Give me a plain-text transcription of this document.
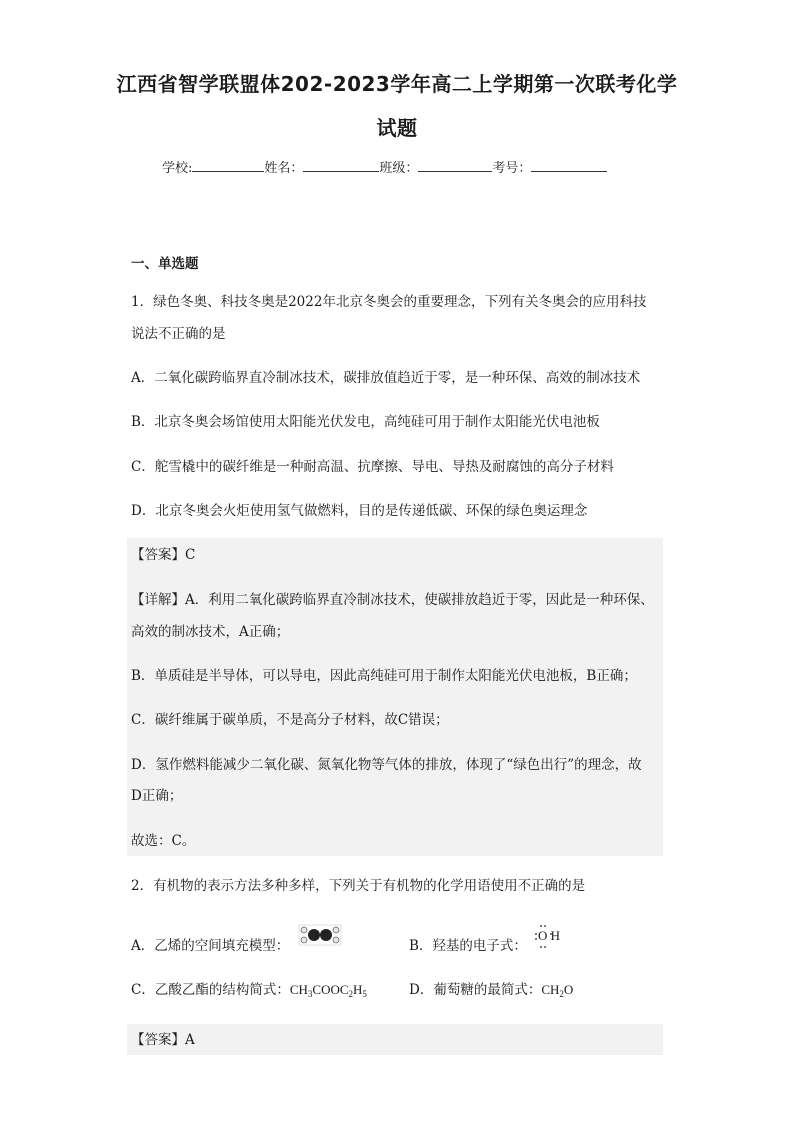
江西省智学联盟体202-2023学年高二上学期第一次联考化学
试题
学校:	姓名：	班级：	考号：
一、单选题
1．绿色冬奥、科技冬奥是2022年北京冬奥会的重要理念，下列有关冬奥会的应用科技
说法不正确的是
A．二氧化碳跨临界直冷制冰技术，碳排放值趋近于零，是一种环保、高效的制冰技术
B．北京冬奥会场馆使用太阳能光伏发电，高纯硅可用于制作太阳能光伏电池板
C．舵雪橇中的碳纤维是一种耐高温、抗摩擦、导电、导热及耐腐蚀的高分子材料
D．北京冬奥会火炬使用氢气做燃料，目的是传递低碳、环保的绿色奥运理念
【答案】C
【详解】A．利用二氧化碳跨临界直冷制冰技术，使碳排放趋近于零，因此是一种环保、
高效的制冰技术，A正确；
B．单质硅是半导体，可以导电，因此高纯硅可用于制作太阳能光伏电池板，B正确；
C．碳纤维属于碳单质，不是高分子材料，故C错误；
D．氢作燃料能减少二氧化碳、氮氧化物等气体的排放，体现了“绿色出行”的理念，故
D正确；
故选：C。
2．有机物的表示方法多种多样，下列关于有机物的化学用语使用不正确的是
A．乙烯的空间填充模型：	B．羟基的电子式：
O H
C．乙酸乙酯的结构简式：$CH_3COOC_2H_5$	D．葡萄糖的最简式：$CH_2O$
【答案】A
